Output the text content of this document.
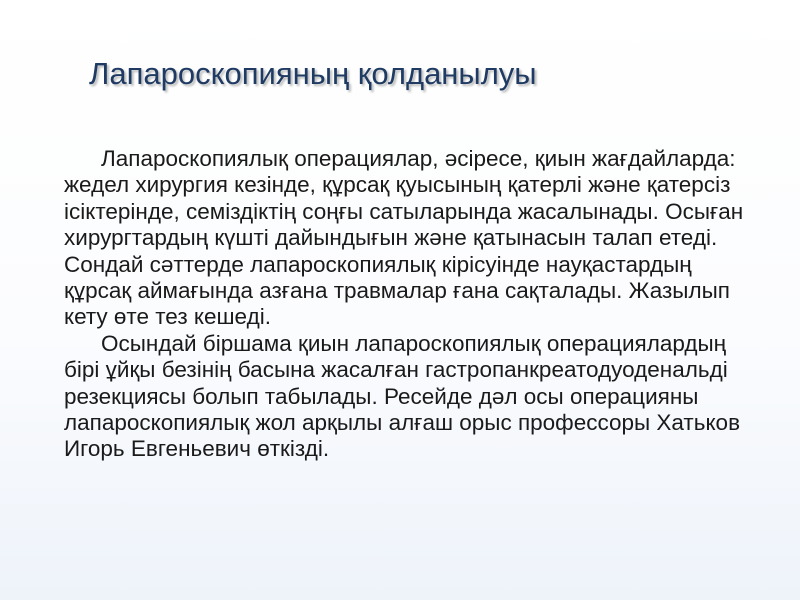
Лапароскопияның қолданылуы

Лапароскопиялық операциялар, әсіресе, қиын жағдайларда: жедел хирургия кезінде, құрсақ қуысының қатерлі және қатерсіз ісіктерінде, семіздіктің соңғы сатыларында жасалынады. Осыған хирургтардың күшті дайындығын және қатынасын талап етеді. Сондай сәттерде лапароскопиялық кірісуінде науқастардың құрсақ аймағында азғана травмалар ғана сақталады. Жазылып кету өте тез кешеді.

Осындай біршама қиын лапароскопиялық операциялардың бірі ұйқы безінің басына жасалған гастропанкреатодуоденальді резекциясы болып табылады. Ресейде дәл осы операцияны лапароскопиялық жол арқылы алғаш орыс профессоры Хатьков Игорь Евгеньевич өткізді.
